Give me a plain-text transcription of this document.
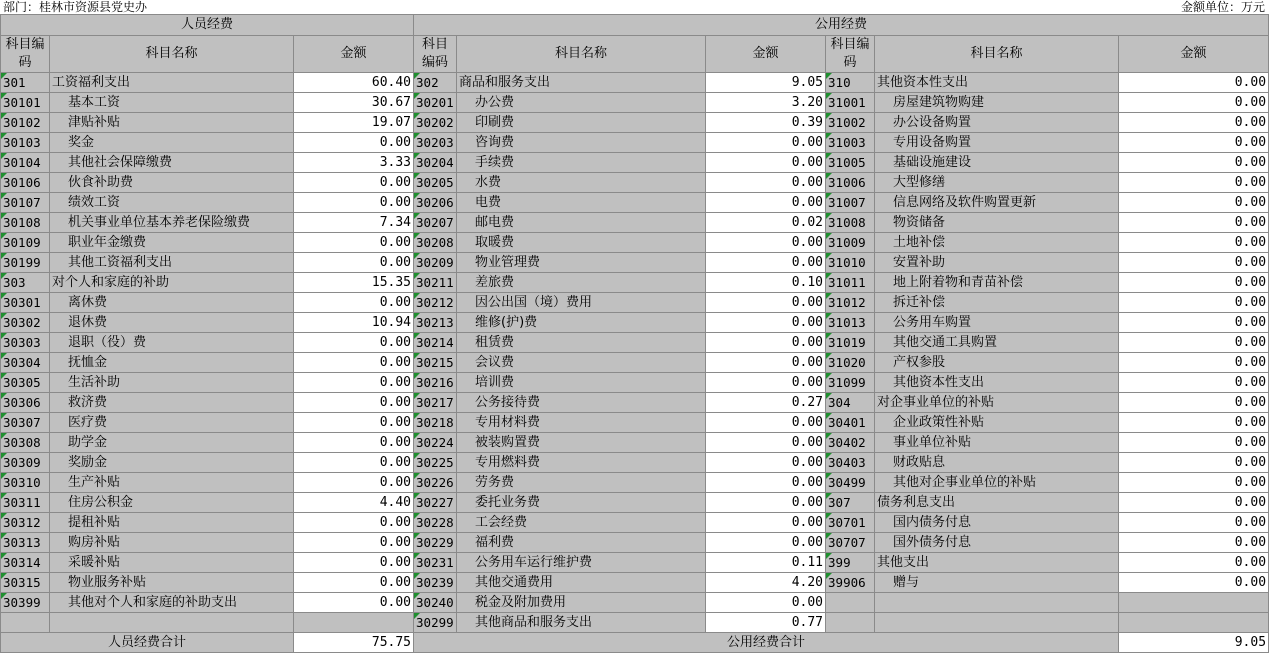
部门：桂林市资源县党史办	金额单位：万元
人员经费			公用经费					
科目编码	科目名称	金额	科目编码	科目名称	金额	科目编码	科目名称	金额
301	工资福利支出	60.40	302	商品和服务支出	9.05	310	其他资本性支出	0.00
30101	基本工资	30.67	30201	办公费	3.20	31001	房屋建筑物购建	0.00
30102	津贴补贴	19.07	30202	印刷费	0.39	31002	办公设备购置	0.00
30103	奖金	0.00	30203	咨询费	0.00	31003	专用设备购置	0.00
30104	其他社会保障缴费	3.33	30204	手续费	0.00	31005	基础设施建设	0.00
30106	伙食补助费	0.00	30205	水费	0.00	31006	大型修缮	0.00
30107	绩效工资	0.00	30206	电费	0.00	31007	信息网络及软件购置更新	0.00
30108	机关事业单位基本养老保险缴费	7.34	30207	邮电费	0.02	31008	物资储备	0.00
30109	职业年金缴费	0.00	30208	取暖费	0.00	31009	土地补偿	0.00
30199	其他工资福利支出	0.00	30209	物业管理费	0.00	31010	安置补助	0.00
303	对个人和家庭的补助	15.35	30211	差旅费	0.10	31011	地上附着物和青苗补偿	0.00
30301	离休费	0.00	30212	因公出国（境）费用	0.00	31012	拆迁补偿	0.00
30302	退休费	10.94	30213	维修(护)费	0.00	31013	公务用车购置	0.00
30303	退职（役）费	0.00	30214	租赁费	0.00	31019	其他交通工具购置	0.00
30304	抚恤金	0.00	30215	会议费	0.00	31020	产权参股	0.00
30305	生活补助	0.00	30216	培训费	0.00	31099	其他资本性支出	0.00
30306	救济费	0.00	30217	公务接待费	0.27	304	对企事业单位的补贴	0.00
30307	医疗费	0.00	30218	专用材料费	0.00	30401	企业政策性补贴	0.00
30308	助学金	0.00	30224	被装购置费	0.00	30402	事业单位补贴	0.00
30309	奖励金	0.00	30225	专用燃料费	0.00	30403	财政贴息	0.00
30310	生产补贴	0.00	30226	劳务费	0.00	30499	其他对企事业单位的补贴	0.00
30311	住房公积金	4.40	30227	委托业务费	0.00	307	债务利息支出	0.00
30312	提租补贴	0.00	30228	工会经费	0.00	30701	国内债务付息	0.00
30313	购房补贴	0.00	30229	福利费	0.00	30707	国外债务付息	0.00
30314	采暖补贴	0.00	30231	公务用车运行维护费	0.11	399	其他支出	0.00
30315	物业服务补贴	0.00	30239	其他交通费用	4.20	39906	赠与	0.00
30399	其他对个人和家庭的补助支出	0.00	30240	税金及附加费用	0.00			
			30299	其他商品和服务支出	0.77			
人员经费合计		75.75	公用经费合计					9.05
